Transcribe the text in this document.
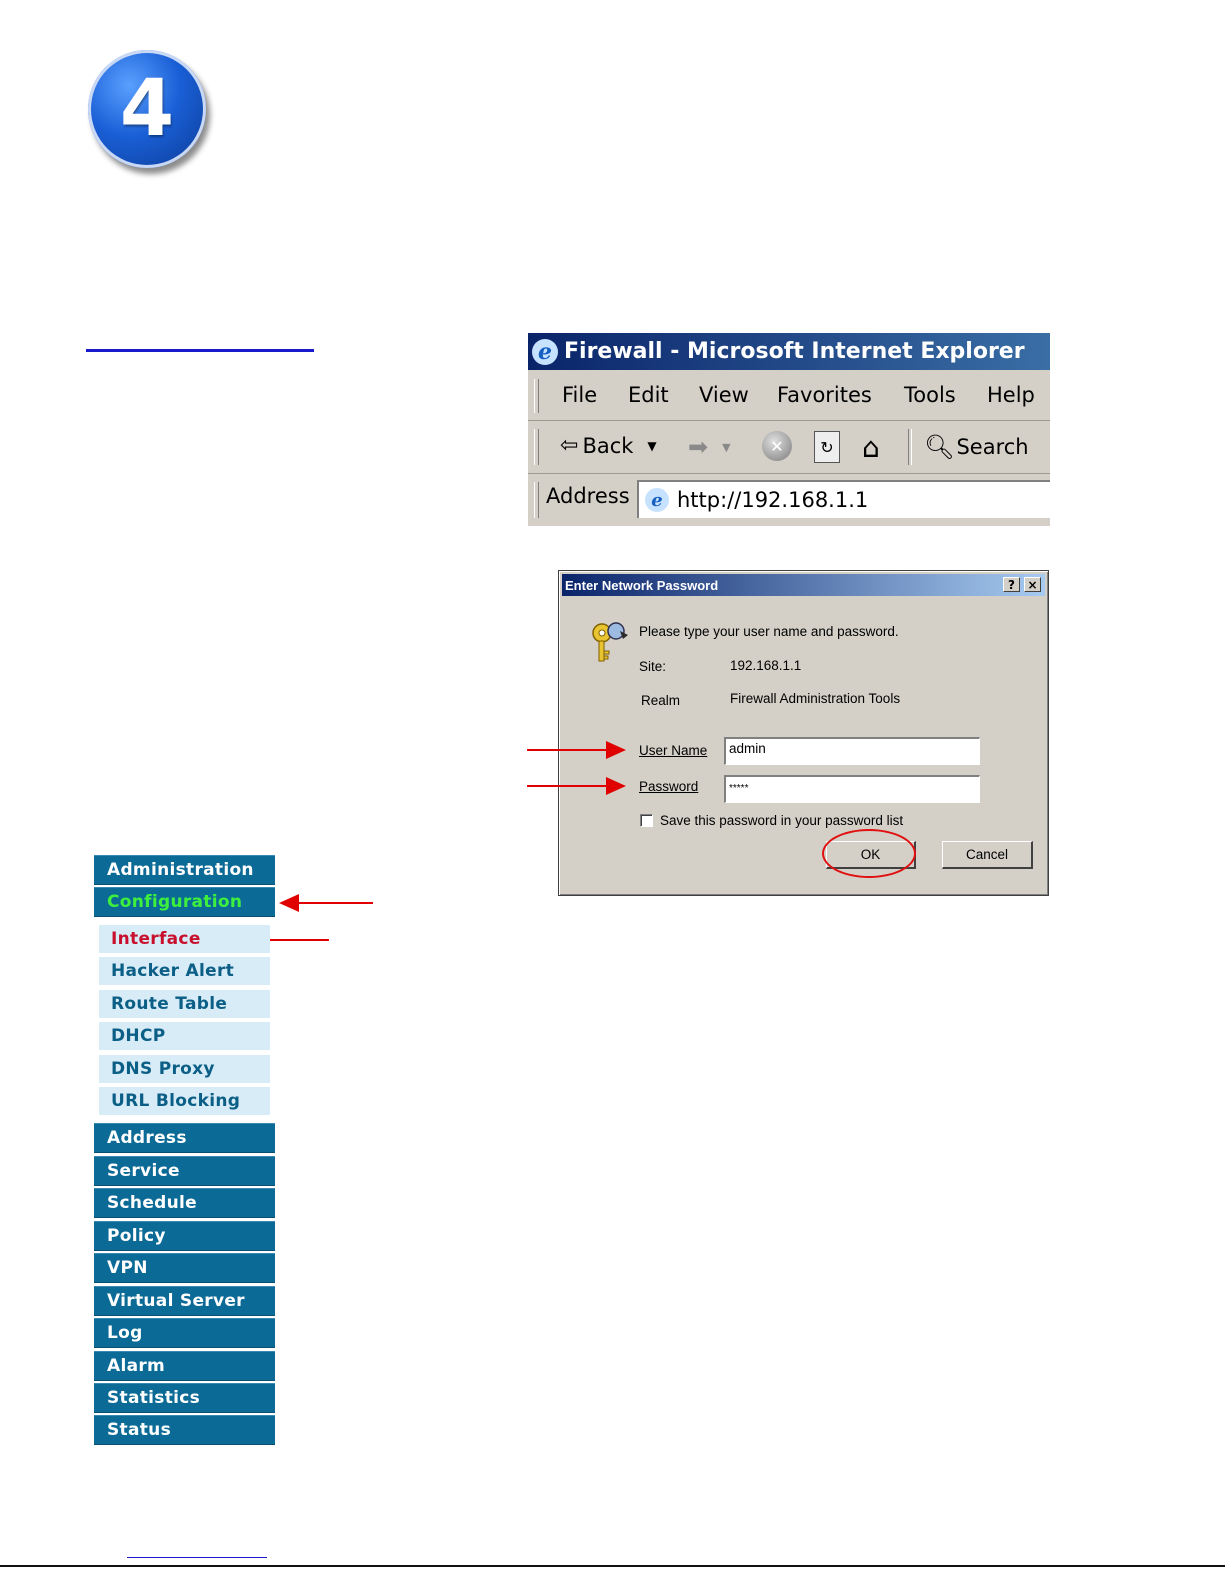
4
e Firewall - Microsoft Internet Explorer
File Edit View Favorites Tools Help
⇦ Back ▼ ➡ ▼	✕	↻ ⌂ 🔍︎ Search
Address	e http://192.168.1.1
Enter Network Password	?	×
Please type your user name and password.
Site:	192.168.1.1
Realm	Firewall Administration Tools
User Name	admin
Password	*****
Save this password in your password list
OK	Cancel
Administration
Configuration
Interface
Hacker Alert
Route Table
DHCP
DNS Proxy
URL Blocking
Address
Service
Schedule
Policy
VPN
Virtual Server
Log
Alarm
Statistics
Status
